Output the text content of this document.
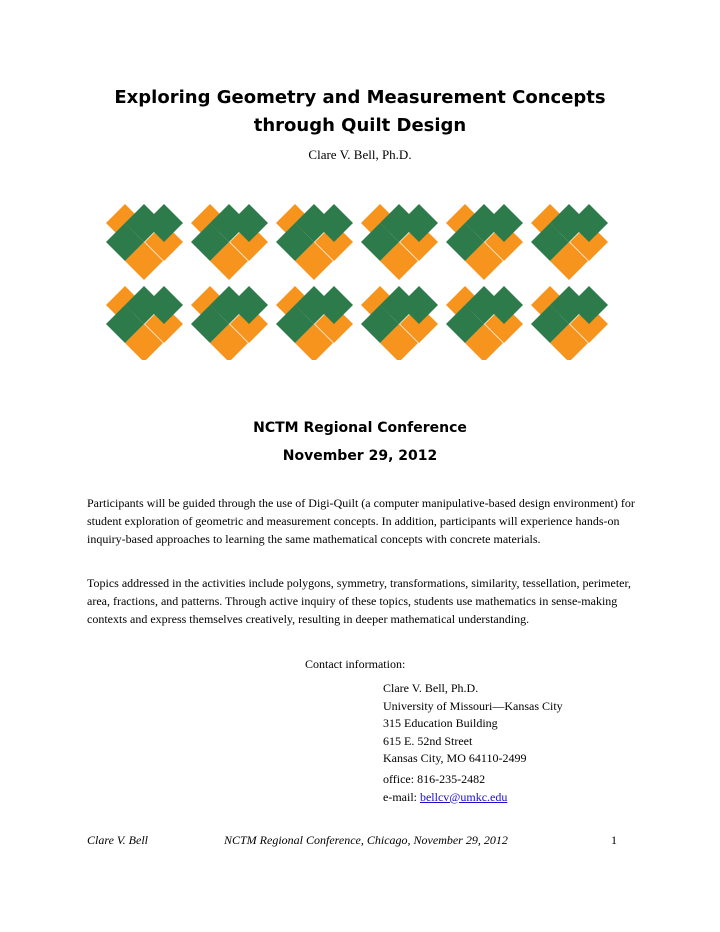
Exploring Geometry and Measurement Concepts
through Quilt Design
Clare V. Bell, Ph.D.
NCTM Regional Conference
November 29, 2012

Participants will be guided through the use of Digi-Quilt (a computer manipulative-based design environment) for student exploration of geometric and measurement concepts. In addition, participants will experience hands-on inquiry-based approaches to learning the same mathematical concepts with concrete materials.

Topics addressed in the activities include polygons, symmetry, transformations, similarity, tessellation, perimeter, area, fractions, and patterns. Through active inquiry of these topics, students use mathematics in sense-making contexts and express themselves creatively, resulting in deeper mathematical understanding.

Contact information:
Clare V. Bell, Ph.D.
University of Missouri—Kansas City
315 Education Building
615 E. 52nd Street
Kansas City, MO 64110-2499
office: 816-235-2482
e-mail: bellcv@umkc.edu
Clare V. Bell	NCTM Regional Conference, Chicago, November 29, 2012	1
